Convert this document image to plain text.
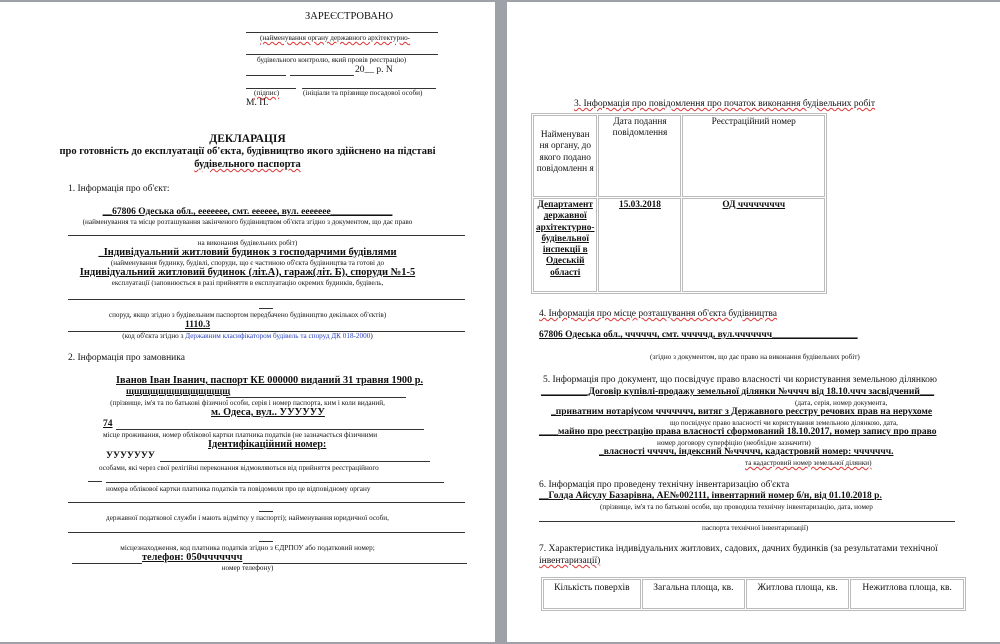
ЗАРЕЄСТРОВАНО
(найменування органу державного архітектурно-
будівельного контролю, який провів реєстрацію)
20__ р. N
(підпис)	(ініціали та прізвище посадової особи)
М. П.
ДЕКЛАРАЦІЯ
про готовність до експлуатації об'єкта, будівництво якого здійснено на підставі
будівельного паспорта
1. Інформація про об'єкт:
__67806 Одеська обл., eeeeeee, смт. eeeeee, вул. eeeeeee_____________
(найменування та місце розташування закінченого будівництвом об'єкта згідно з документом, що дає право
на виконання будівельних робіт)
_Індивідуальний житловий будинок з господарчими будівлями
(найменування будинку, будівлі, споруди, що є частиною об'єкта будівництва та готові до
Індивідуальний житловий будинок (літ.А), гараж(літ. Б), споруди №1-5
експлуатації (заповнюється в разі прийняття в експлуатацію окремих будинків, будівель,
споруд, якщо згідно з будівельним паспортом передбачено будівництво декількох об'єктів)
1110.3
(код об'єкта згідно з Державним класифікатором будівель та споруд ДК 018-2000)
2. Інформація про замовника
Іванов Іван Іванич, паспорт КЕ 000000 виданий 31 травня 1900 р.
щщщщщщщщщщщщщ
(прізвище, ім'я та по батькові фізичної особи, серія і номер паспорта, ким і коли виданий,
м. Одеса, вул.. УУУУУУ
74
місце проживання, номер облікової картки платника податків (не зазначається фізичними
Ідентифікаційний номер:
УУУУУУУ
особами, які через свої релігійні переконання відмовляються від прийняття реєстраційного
номера облікової картки платника податків та повідомили про це відповідному органу
державної податкової служби і мають відмітку у паспорті); найменування юридичної особи,
місцезнаходження, код платника податків згідно з ЄДРПОУ або податковий номер;
телефон: 050ччччччч
номер телефону)
3. Інформація про повідомлення про початок виконання будівельних робіт
Найменуван ня органу, до якого подано повідомленн я	Дата подання повідомлення	Реєстраційний номер
Департамент державної архітектурно-будівельної інспекції в Одеській області	15.03.2018	ОД ччччччччч
4. Інформація про місце розташування об'єкта будівництва
67806 Одеська обл., чччччч, смт. чччччд, вул.ччччччч__________________
(згідно з документом, що дає право на виконання будівельних робіт)
5. Інформація про документ, що посвідчує право власності чи користування земельною ділянкою
__________Договір купівлі-продажу земельної ділянки №чччч від 18.10.ччч засвідчений___
(дата, серія, номер документа,
_приватним нотаріусом ччччччч, витяг з Державного реєстру речових прав на нерухоме
що посвідчує право власності чи користування земельною ділянкою, дата,
____майно про реєстрацію права власності сформований 18.10.2017, номер запису про право
номер договору суперфіцію (необхідне зазначити)
_власності ччччч, індексний №ччччч, кадастровий номер: ччччччч.
та кадастровий номер земельної ділянки)
6. Інформація про проведену технічну інвентаризацію об'єкта
__Голда Айсулу Базарівна, АЕ№002111, інвентарний номер б/н, від 01.10.2018 р.
(прізвище, ім'я та по батькові особи, що проводила технічну інвентаризацію, дата, номер
паспорта технічної інвентаризації)
7. Характеристика індивідуальних житлових, садових, дачних будинків (за результатами технічної
інвентаризації)
Кількість поверхів	Загальна площа, кв.	Житлова площа, кв.	Нежитлова площа, кв.
